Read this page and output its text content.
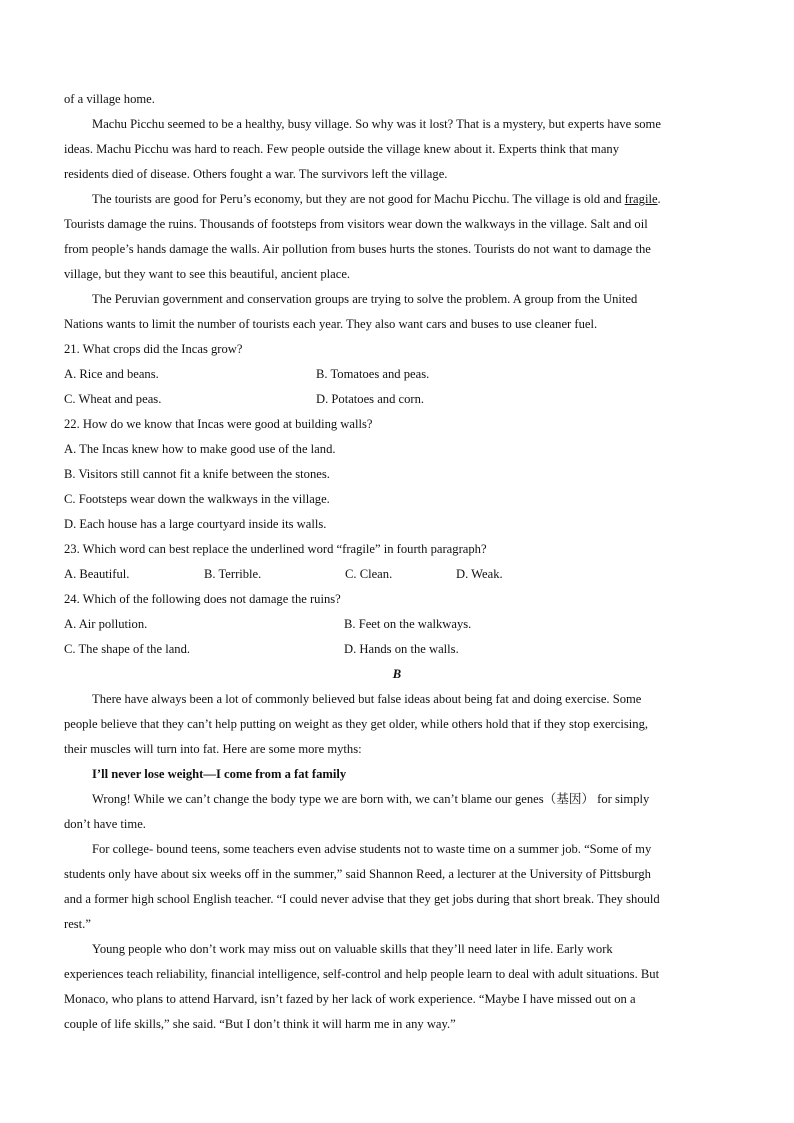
of a village home.
Machu Picchu seemed to be a healthy, busy village. So why was it lost? That is a mystery, but experts have some
ideas. Machu Picchu was hard to reach. Few people outside the village knew about it. Experts think that many
residents died of disease. Others fought a war. The survivors left the village.
The tourists are good for Peru’s economy, but they are not good for Machu Picchu. The village is old and fragile.
Tourists damage the ruins. Thousands of footsteps from visitors wear down the walkways in the village. Salt and oil
from people’s hands damage the walls. Air pollution from buses hurts the stones. Tourists do not want to damage the
village, but they want to see this beautiful, ancient place.
The Peruvian government and conservation groups are trying to solve the problem. A group from the United
Nations wants to limit the number of tourists each year. They also want cars and buses to use cleaner fuel.
21. What crops did the Incas grow?
A. Rice and beans.	B. Tomatoes and peas.
C. Wheat and peas.	D. Potatoes and corn.
22. How do we know that Incas were good at building walls?
A. The Incas knew how to make good use of the land.
B. Visitors still cannot fit a knife between the stones.
C. Footsteps wear down the walkways in the village.
D. Each house has a large courtyard inside its walls.
23. Which word can best replace the underlined word “fragile” in fourth paragraph?
A. Beautiful.	B. Terrible.	C. Clean.	D. Weak.
24. Which of the following does not damage the ruins?
A. Air pollution.	B. Feet on the walkways.
C. The shape of the land.	D. Hands on the walls.
B
There have always been a lot of commonly believed but false ideas about being fat and doing exercise. Some
people believe that they can’t help putting on weight as they get older, while others hold that if they stop exercising,
their muscles will turn into fat. Here are some more myths:
I’ll never lose weight—I come from a fat family
Wrong! While we can’t change the body type we are born with, we can’t blame our genes（基因） for simply
don’t have time.
For college- bound teens, some teachers even advise students not to waste time on a summer job. “Some of my
students only have about six weeks off in the summer,” said Shannon Reed, a lecturer at the University of Pittsburgh
and a former high school English teacher. “I could never advise that they get jobs during that short break. They should
rest.”
Young people who don’t work may miss out on valuable skills that they’ll need later in life. Early work
experiences teach reliability, financial intelligence, self-control and help people learn to deal with adult situations. But
Monaco, who plans to attend Harvard, isn’t fazed by her lack of work experience. “Maybe I have missed out on a
couple of life skills,” she said. “But I don’t think it will harm me in any way.”
